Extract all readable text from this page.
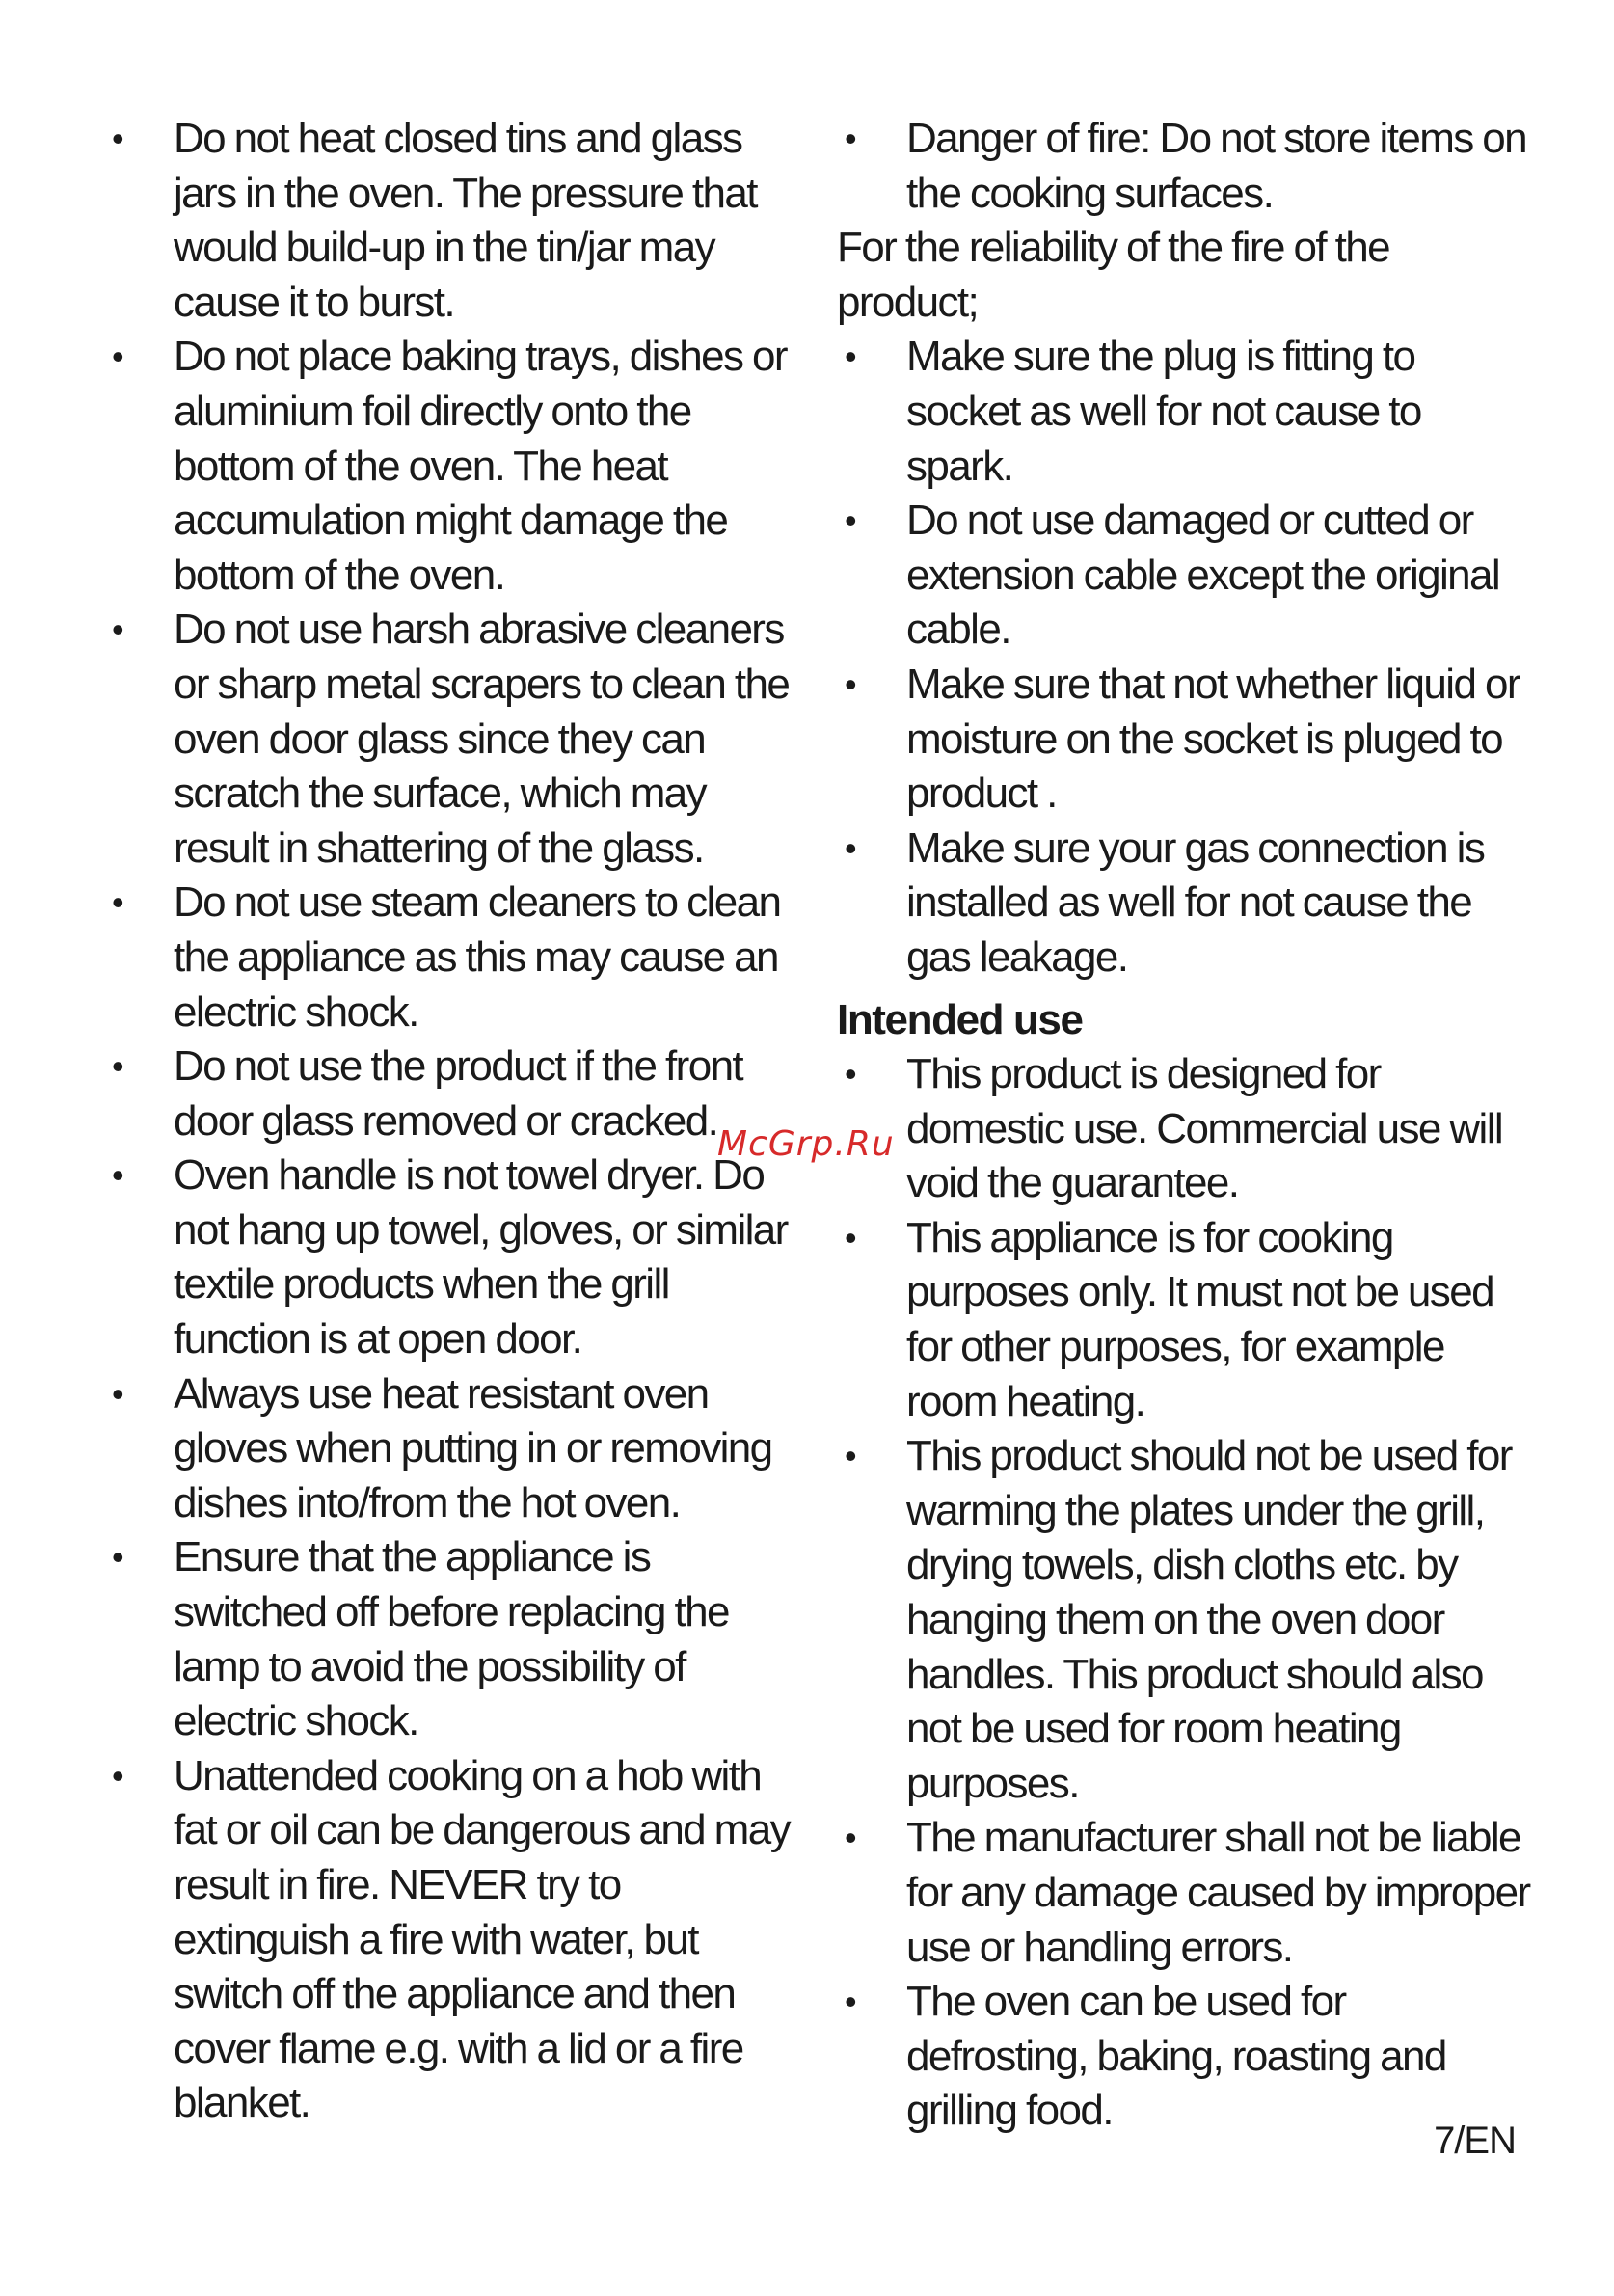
• Do not heat closed tins and glass jars in the oven. The pressure that would build-up in the tin/jar may cause it to burst.
• Do not place baking trays, dishes or aluminium foil directly onto the bottom of the oven. The heat accumulation might damage the bottom of the oven.
• Do not use harsh abrasive cleaners or sharp metal scrapers to clean the oven door glass since they can scratch the surface, which may result in shattering of the glass.
• Do not use steam cleaners to clean the appliance as this may cause an electric shock.
• Do not use the product if the front door glass removed or cracked.
• Oven handle is not towel dryer. Do not hang up towel, gloves, or similar textile products when the grill function is at open door.
• Always use heat resistant oven gloves when putting in or removing dishes into/from the hot oven.
• Ensure that the appliance is switched off before replacing the lamp to avoid the possibility of electric shock.
• Unattended cooking on a hob with fat or oil can be dangerous and may result in fire. NEVER try to extinguish a fire with water, but switch off the appliance and then cover flame e.g. with a lid or a fire blanket.
• Danger of fire: Do not store items on the cooking surfaces.

For the reliability of the fire of the product;

• Make sure the plug is fitting to socket as well for not cause to spark.
• Do not use damaged or cutted or extension cable except the original cable.
• Make sure that not whether liquid or moisture on the socket is pluged to product .
• Make sure your gas connection is installed as well for not cause the gas leakage.
Intended use
• This product is designed for domestic use. Commercial use will void the guarantee.
• This appliance is for cooking purposes only. It must not be used for other purposes, for example room heating.
• This product should not be used for warming the plates under the grill, drying towels, dish cloths etc. by hanging them on the oven door handles. This product should also not be used for room heating purposes.
• The manufacturer shall not be liable for any damage caused by improper use or handling errors.
• The oven can be used for defrosting, baking, roasting and grilling food.
McGrp.Ru
7/EN
